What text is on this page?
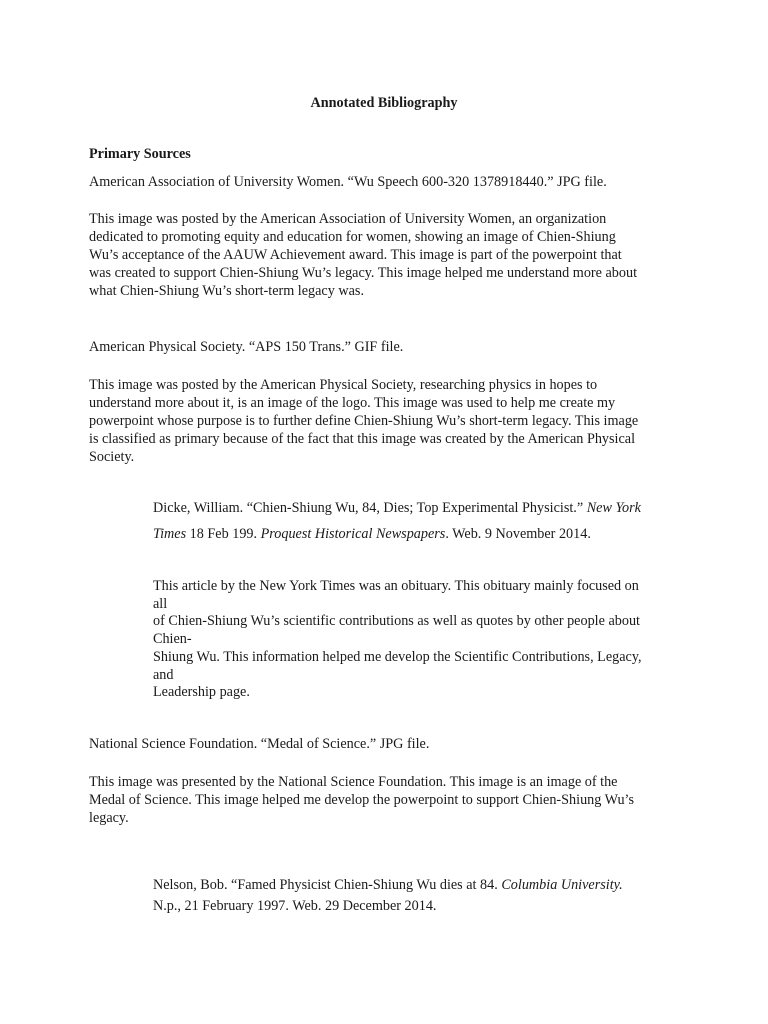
Annotated Bibliography

Primary Sources

American Association of University Women. “Wu Speech 600-320 1378918440.” JPG file.

This image was posted by the American Association of University Women, an organization

dedicated to promoting equity and education for women, showing an image of Chien-Shiung

Wu’s acceptance of the AAUW Achievement award. This image is part of the powerpoint that

was created to support Chien-Shiung Wu’s legacy. This image helped me understand more about

what Chien-Shiung Wu’s short-term legacy was.

American Physical Society. “APS 150 Trans.” GIF file.

This image was posted by the American Physical Society, researching physics in hopes to

understand more about it, is an image of the logo. This image was used to help me create my

powerpoint whose purpose is to further define Chien-Shiung Wu’s short-term legacy. This image

is classified as primary because of the fact that this image was created by the American Physical

Society.

Dicke, William. “Chien-Shiung Wu, 84, Dies; Top Experimental Physicist.” New York

Times 18 Feb 199. Proquest Historical Newspapers. Web. 9 November 2014.

This article by the New York Times was an obituary. This obituary mainly focused on

all

of Chien-Shiung Wu’s scientific contributions as well as quotes by other people about

Chien-

Shiung Wu. This information helped me develop the Scientific Contributions, Legacy,

and

Leadership page.

National Science Foundation. “Medal of Science.” JPG file.

This image was presented by the National Science Foundation. This image is an image of the

Medal of Science. This image helped me develop the powerpoint to support Chien-Shiung Wu’s

legacy.

Nelson, Bob. “Famed Physicist Chien-Shiung Wu dies at 84. Columbia University.

N.p., 21 February 1997. Web. 29 December 2014.
